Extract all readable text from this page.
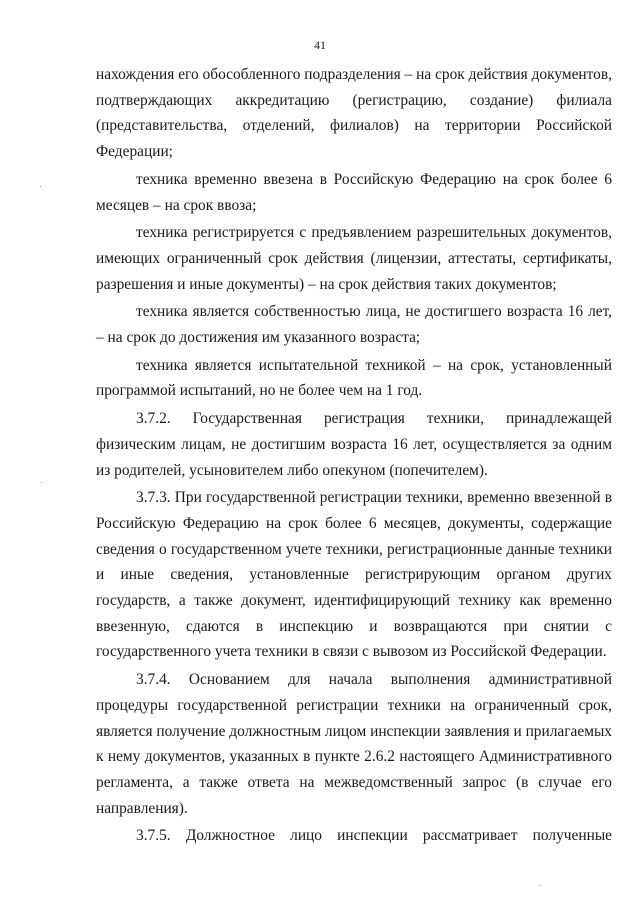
41

нахождения его обособленного подразделения – на срок действия документов, подтверждающих аккредитацию (регистрацию, создание) филиала (представительства, отделений, филиалов) на территории Российской Федерации;

техника временно ввезена в Российскую Федерацию на срок более 6 месяцев – на срок ввоза;

техника регистрируется с предъявлением разрешительных документов, имеющих ограниченный срок действия (лицензии, аттестаты, сертификаты, разрешения и иные документы) – на срок действия таких документов;

техника является собственностью лица, не достигшего возраста 16 лет, – на срок до достижения им указанного возраста;

техника является испытательной техникой – на срок, установленный программой испытаний, но не более чем на 1 год.

3.7.2. Государственная регистрация техники, принадлежащей физическим лицам, не достигшим возраста 16 лет, осуществляется за одним из родителей, усыновителем либо опекуном (попечителем).

3.7.3. При государственной регистрации техники, временно ввезенной в Российскую Федерацию на срок более 6 месяцев, документы, содержащие сведения о государственном учете техники, регистрационные данные техники и иные сведения, установленные регистрирующим органом других государств, а также документ, идентифицирующий технику как временно ввезенную, сдаются в инспекцию и возвращаются при снятии с государственного учета техники в связи с вывозом из Российской Федерации.

3.7.4. Основанием для начала выполнения административной процедуры государственной регистрации техники на ограниченный срок, является получение должностным лицом инспекции заявления и прилагаемых к нему документов, указанных в пункте 2.6.2 настоящего Административного регламента, а также ответа на межведомственный запрос (в случае его направления).

3.7.5. Должностное лицо инспекции рассматривает полученные
